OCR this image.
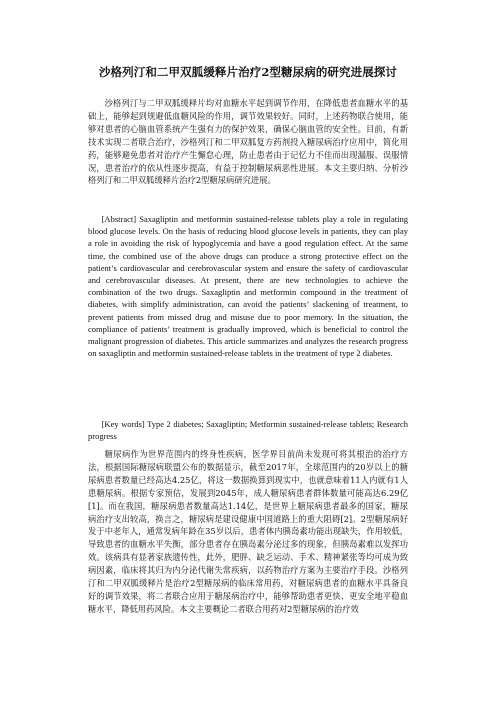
沙格列汀和二甲双胍缓释片治疗2型糖尿病的研究进展探讨

沙格列汀与二甲双胍缓释片均对血糖水平起到调节作用，在降低患者血糖水平的基础上，能够起到规避低血糖风险的作用，调节效果较好。同时，上述药物联合使用，能够对患者的心脑血管系统产生强有力的保护效果，确保心脑血管的安全性。目前，有新技术实现二者联合治疗，沙格列汀和二甲双胍复方药剂投入糖尿病治疗应用中，简化用药，能够避免患者对治疗产生懈怠心理，防止患者由于记忆力不佳而出现漏服、误服情况，患者治疗的依从性逐步提高，有益于控制糖尿病恶性进展。本文主要归纳、分析沙格列汀和二甲双胍缓释片治疗2型糖尿病研究进展。

[Abstract] Saxagliptin and metformin sustained-release tablets play a role in regulating blood glucose levels. On the basis of reducing blood glucose levels in patients, they can play a role in avoiding the risk of hypoglycemia and have a good regulation effect. At the same time, the combined use of the above drugs can produce a strong protective effect on the patient’s cardiovascular and cerebrovascular system and ensure the safety of cardiovascular and cerebrovascular diseases. At present, there are new technologies to achieve the combination of the two drugs. Saxagliptin and metformin compound in the treatment of diabetes, with simplify administration, can avoid the patients’ slackening of treatment, to prevent patients from missed drug and misuse due to poor memory. In the situation, the compliance of patients’ treatment is gradually improved, which is beneficial to control the malignant progression of diabetes. This article summarizes and analyzes the research progress on saxagliptin and metformin sustained-release tablets in the treatment of type 2 diabetes.

[Key words] Type 2 diabetes; Saxagliptin; Metformin sustained-release tablets; Research progress

糖尿病作为世界范围内的终身性疾病，医学界目前尚未发现可将其根治的治疗方法，根据国际糖尿病联盟公布的数据显示，截至2017年，全球范围内的20岁以上的糖尿病患者数量已经高达4.25亿，将这一数据换算到现实中，也就意味着11人内就有1人患糖尿病。根据专家预估，发展到2045年，成人糖尿病患者群体数量可能高达6.29亿[1]。而在我国，糖尿病患者数量高达1.14亿，是世界上糖尿病患者最多的国家，糖尿病治疗支出较高，换言之，糖尿病是建设健康中国道路上的重大阻碍[2]。2型糖尿病好发于中老年人，通常发病年龄在35岁以后，患者体内胰岛素功能出现缺失，作用较低，导致患者的血糖水平失衡，部分患者存在胰岛素分泌过多的现象，但胰岛素难以发挥功效。该病具有显著家族遗传性，此外，肥胖、缺乏运动、手术、精神紧张等均可成为致病因素，临床将其归为内分泌代谢失常疾病，以药物治疗方案为主要治疗手段。沙格列汀和二甲双胍缓释片是治疗2型糖尿病的临床常用药，对糖尿病患者的血糖水平具备良好的调节效果，将二者联合应用于糖尿病治疗中，能够帮助患者更快、更安全地平稳血糖水平，降低用药风险。本文主要概论二者联合用药对2型糖尿病的治疗效
